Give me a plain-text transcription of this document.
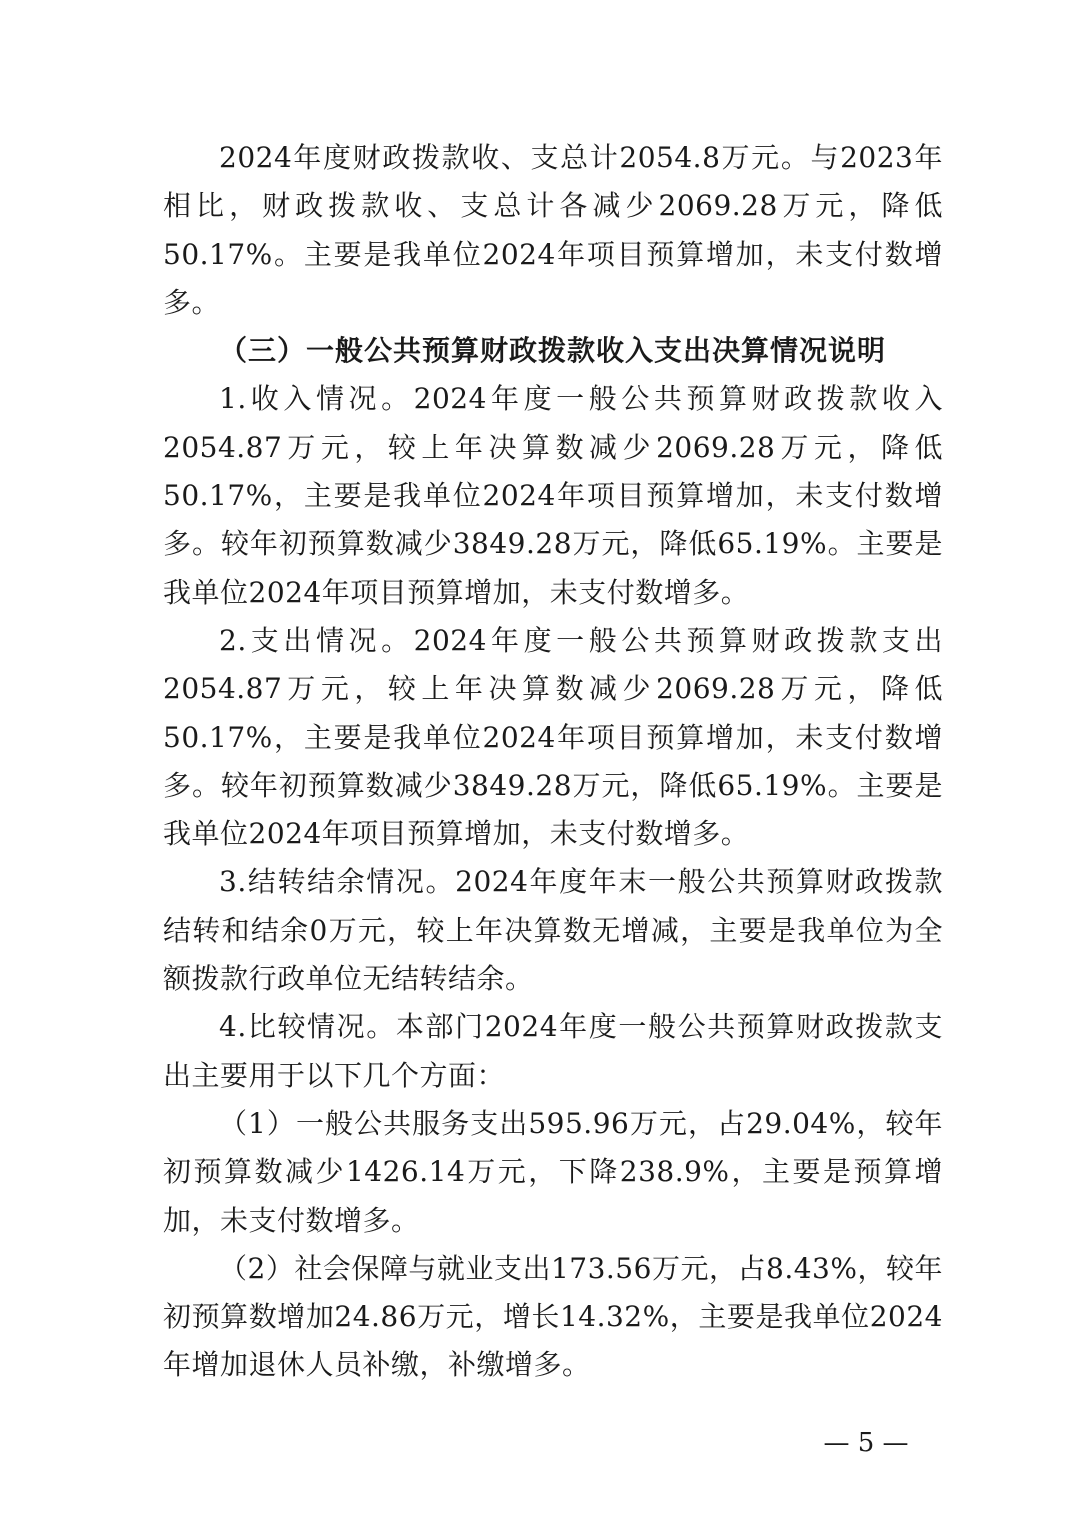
2024年度财政拨款收、支总计2054.8万元。与2023年相比，财政拨款收、支总计各减少2069.28万元，降低50.17%。主要是我单位2024年项目预算增加，未支付数增多。

（三）一般公共预算财政拨款收入支出决算情况说明

1.收入情况。2024年度一般公共预算财政拨款收入2054.87万元，较上年决算数减少2069.28万元，降低50.17%，主要是我单位2024年项目预算增加，未支付数增多。较年初预算数减少3849.28万元，降低65.19%。主要是我单位2024年项目预算增加，未支付数增多。

2.支出情况。2024年度一般公共预算财政拨款支出2054.87万元，较上年决算数减少2069.28万元，降低50.17%，主要是我单位2024年项目预算增加，未支付数增多。较年初预算数减少3849.28万元，降低65.19%。主要是我单位2024年项目预算增加，未支付数增多。

3.结转结余情况。2024年度年末一般公共预算财政拨款结转和结余0万元，较上年决算数无增减，主要是我单位为全额拨款行政单位无结转结余。

4.比较情况。本部门2024年度一般公共预算财政拨款支出主要用于以下几个方面：

（1）一般公共服务支出595.96万元，占29.04%，较年初预算数减少1426.14万元，下降238.9%，主要是预算增加，未支付数增多。

（2）社会保障与就业支出173.56万元，占8.43%，较年初预算数增加24.86万元，增长14.32%，主要是我单位2024年增加退休人员补缴，补缴增多。

— 5 —
